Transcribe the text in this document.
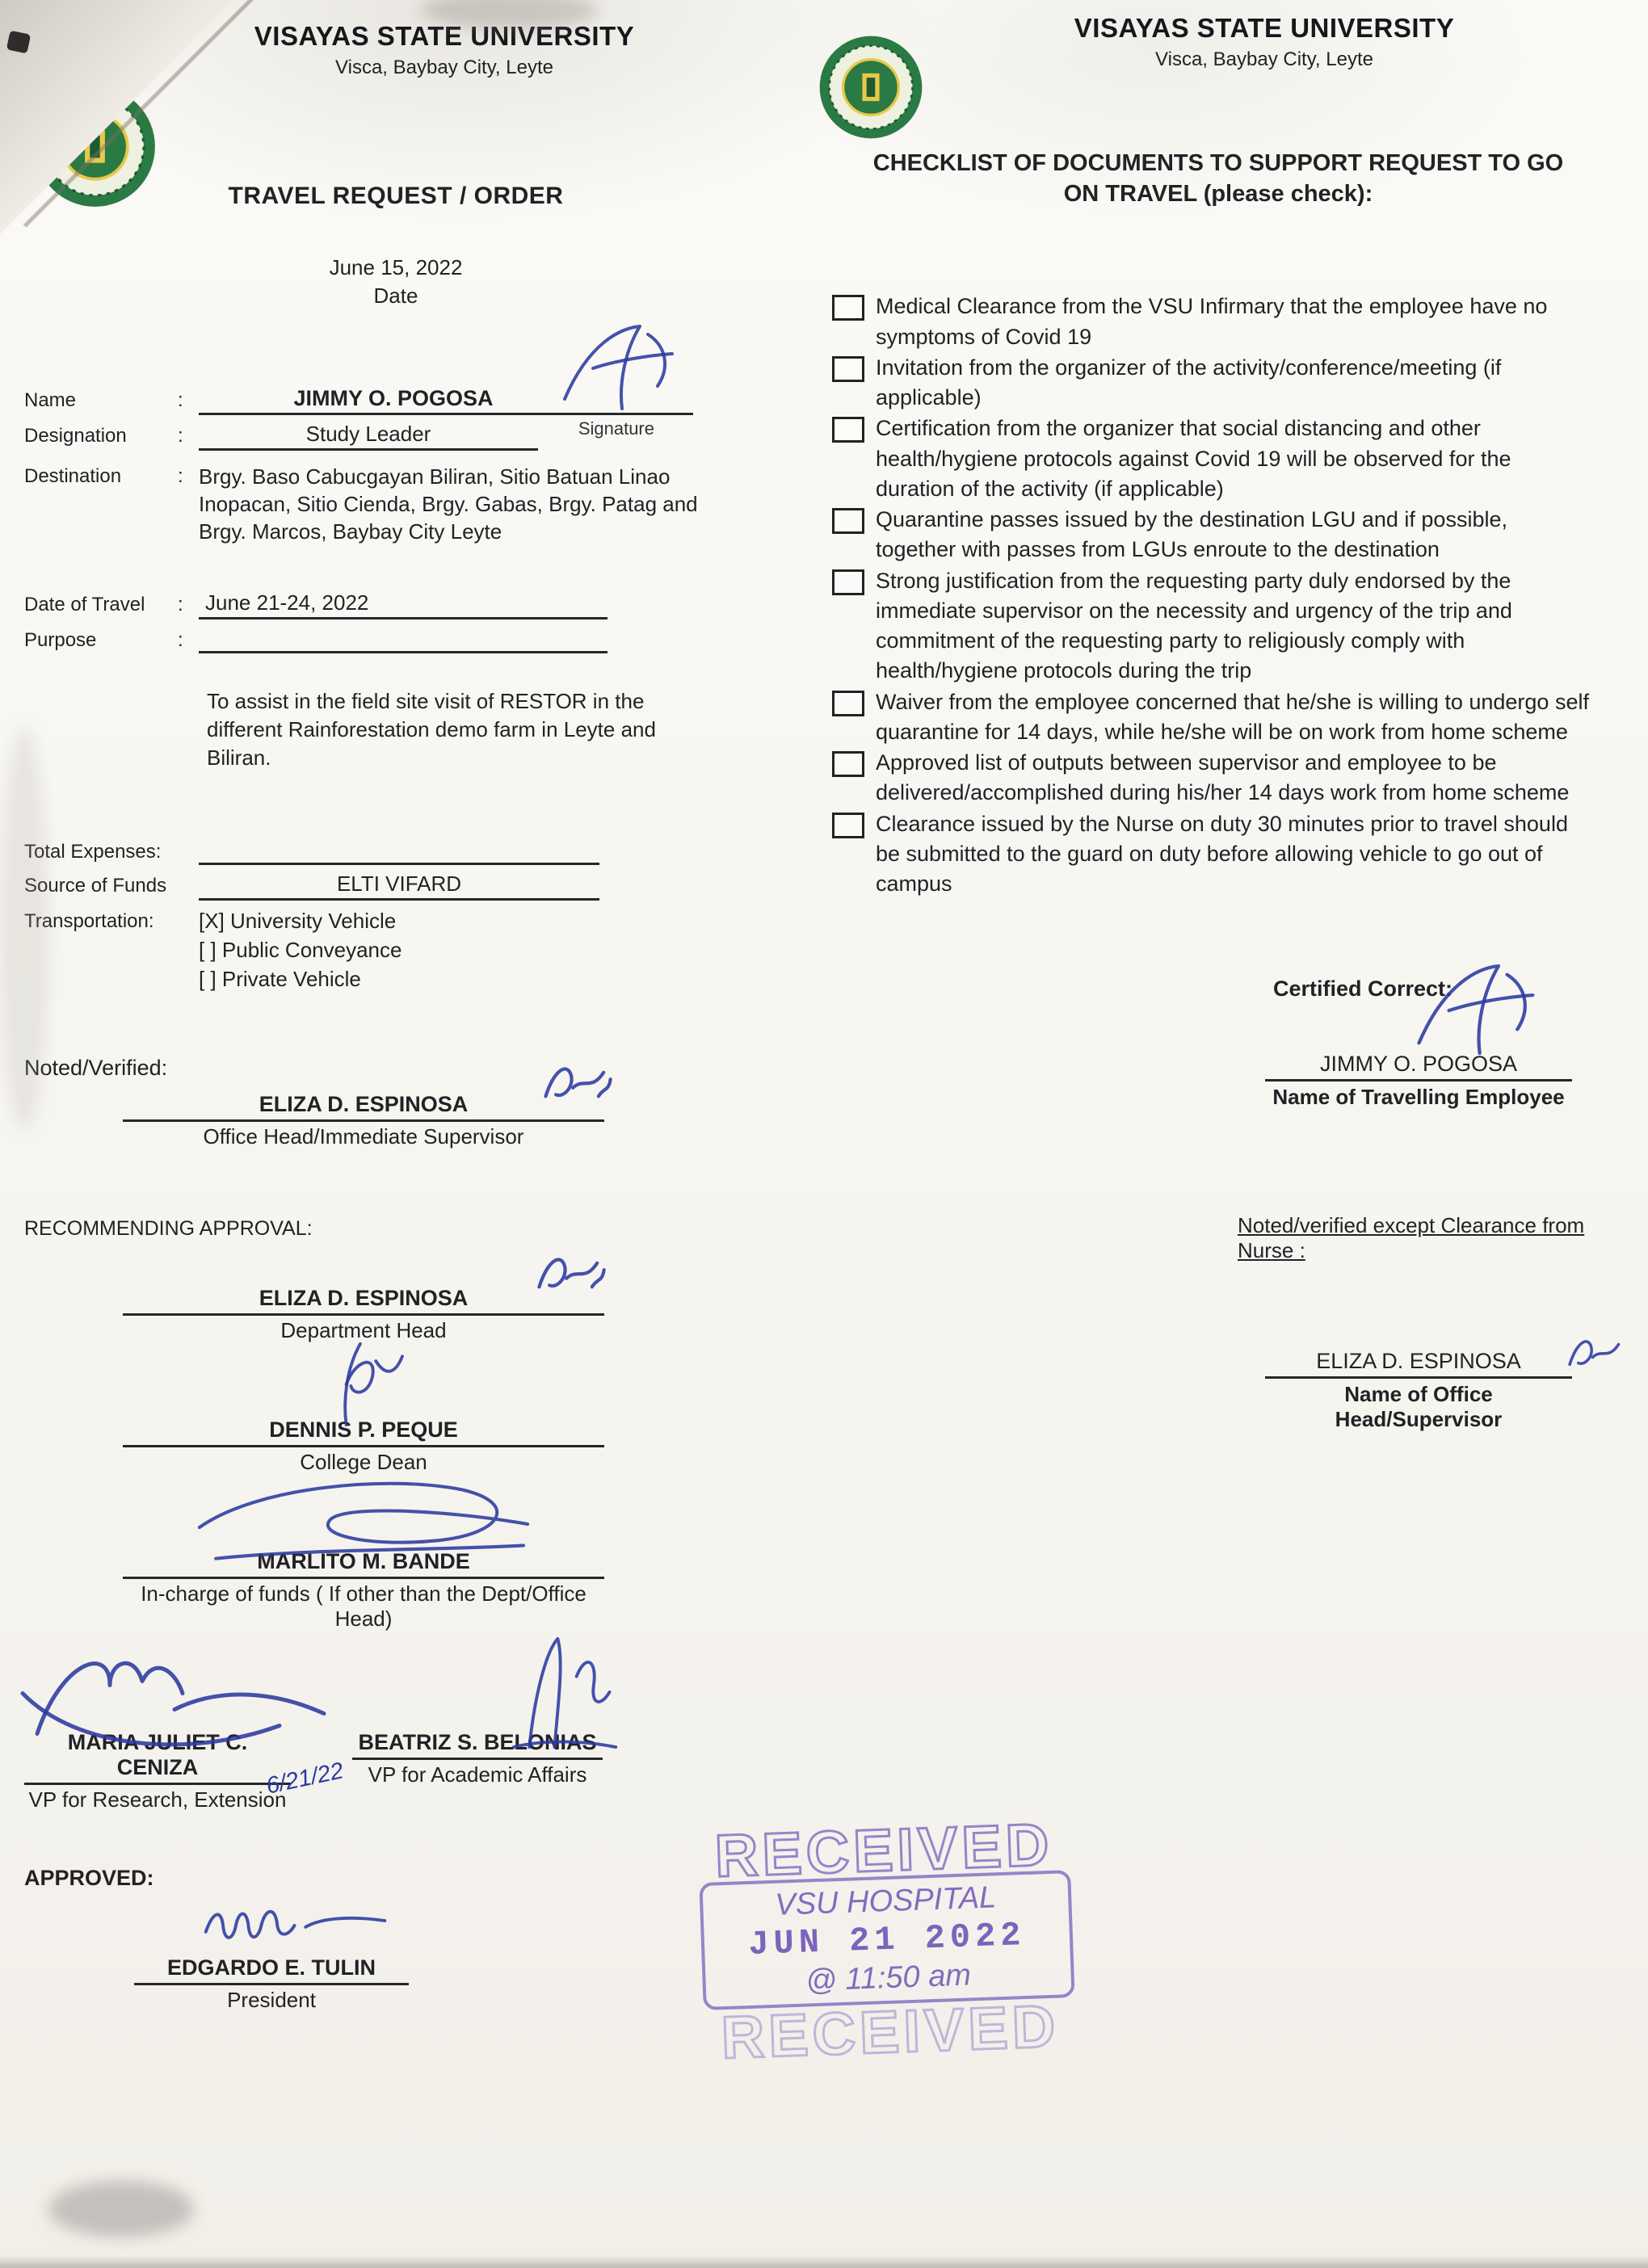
VISAYAS STATE UNIVERSITY
Visca, Baybay City, Leyte
TRAVEL REQUEST / ORDER
June 15, 2022
Date
Name :	JIMMY O. POGOSA
Signature
Designation :	Study Leader
Destination :	Brgy. Baso Cabucgayan Biliran, Sitio Batuan Linao Inopacan, Sitio Cienda, Brgy. Gabas, Brgy. Patag and Brgy. Marcos, Baybay City Leyte
Date of Travel :	June 21-24, 2022
Purpose
:
To assist in the field site visit of RESTOR in the different Rainforestation demo farm in Leyte and Biliran.
Total Expenses:
Source of Funds	ELTI VIFARD
Transportation:	[X] University Vehicle
[ ] Public Conveyance
[ ] Private Vehicle
Noted/Verified:
ELIZA D. ESPINOSA
Office Head/Immediate Supervisor
RECOMMENDING APPROVAL:
ELIZA D. ESPINOSA
Department Head
DENNIS P. PEQUE
College Dean
MARLITO M. BANDE
In-charge of funds ( If other than the Dept/Office Head)
MARIA JULIET C. CENIZA
VP for Research, Extension
6/21/22
BEATRIZ S. BELONIAS
VP for Academic Affairs
APPROVED:
EDGARDO E. TULIN
President
VISAYAS STATE UNIVERSITY
Visca, Baybay City, Leyte
CHECKLIST OF DOCUMENTS TO SUPPORT REQUEST TO GO ON TRAVEL (please check):
Medical Clearance from the VSU Infirmary that the employee have no symptoms of Covid 19
Invitation from the organizer of the activity/conference/meeting (if applicable)
Certification from the organizer that social distancing and other health/hygiene protocols against Covid 19 will be observed for the duration of the activity (if applicable)
Quarantine passes issued by the destination LGU and if possible, together with passes from LGUs enroute to the destination
Strong justification from the requesting party duly endorsed by the immediate supervisor on the necessity and urgency of the trip and commitment of the requesting party to religiously comply with health/hygiene protocols during the trip
Waiver from the employee concerned that he/she is willing to undergo self quarantine for 14 days, while he/she will be on work from home scheme
Approved list of outputs between supervisor and employee to be delivered/accomplished during his/her 14 days work from home scheme
Clearance issued by the Nurse on duty 30 minutes prior to travel should be submitted to the guard on duty before allowing vehicle to go out of campus
Certified Correct:
JIMMY O. POGOSA
Name of Travelling Employee
Noted/verified except Clearance from Nurse :
ELIZA D. ESPINOSA
Name of Office Head/Supervisor
RECEIVED
VSU HOSPITAL
JUN 21 2022
@ 11:50 am
RECEIVED
